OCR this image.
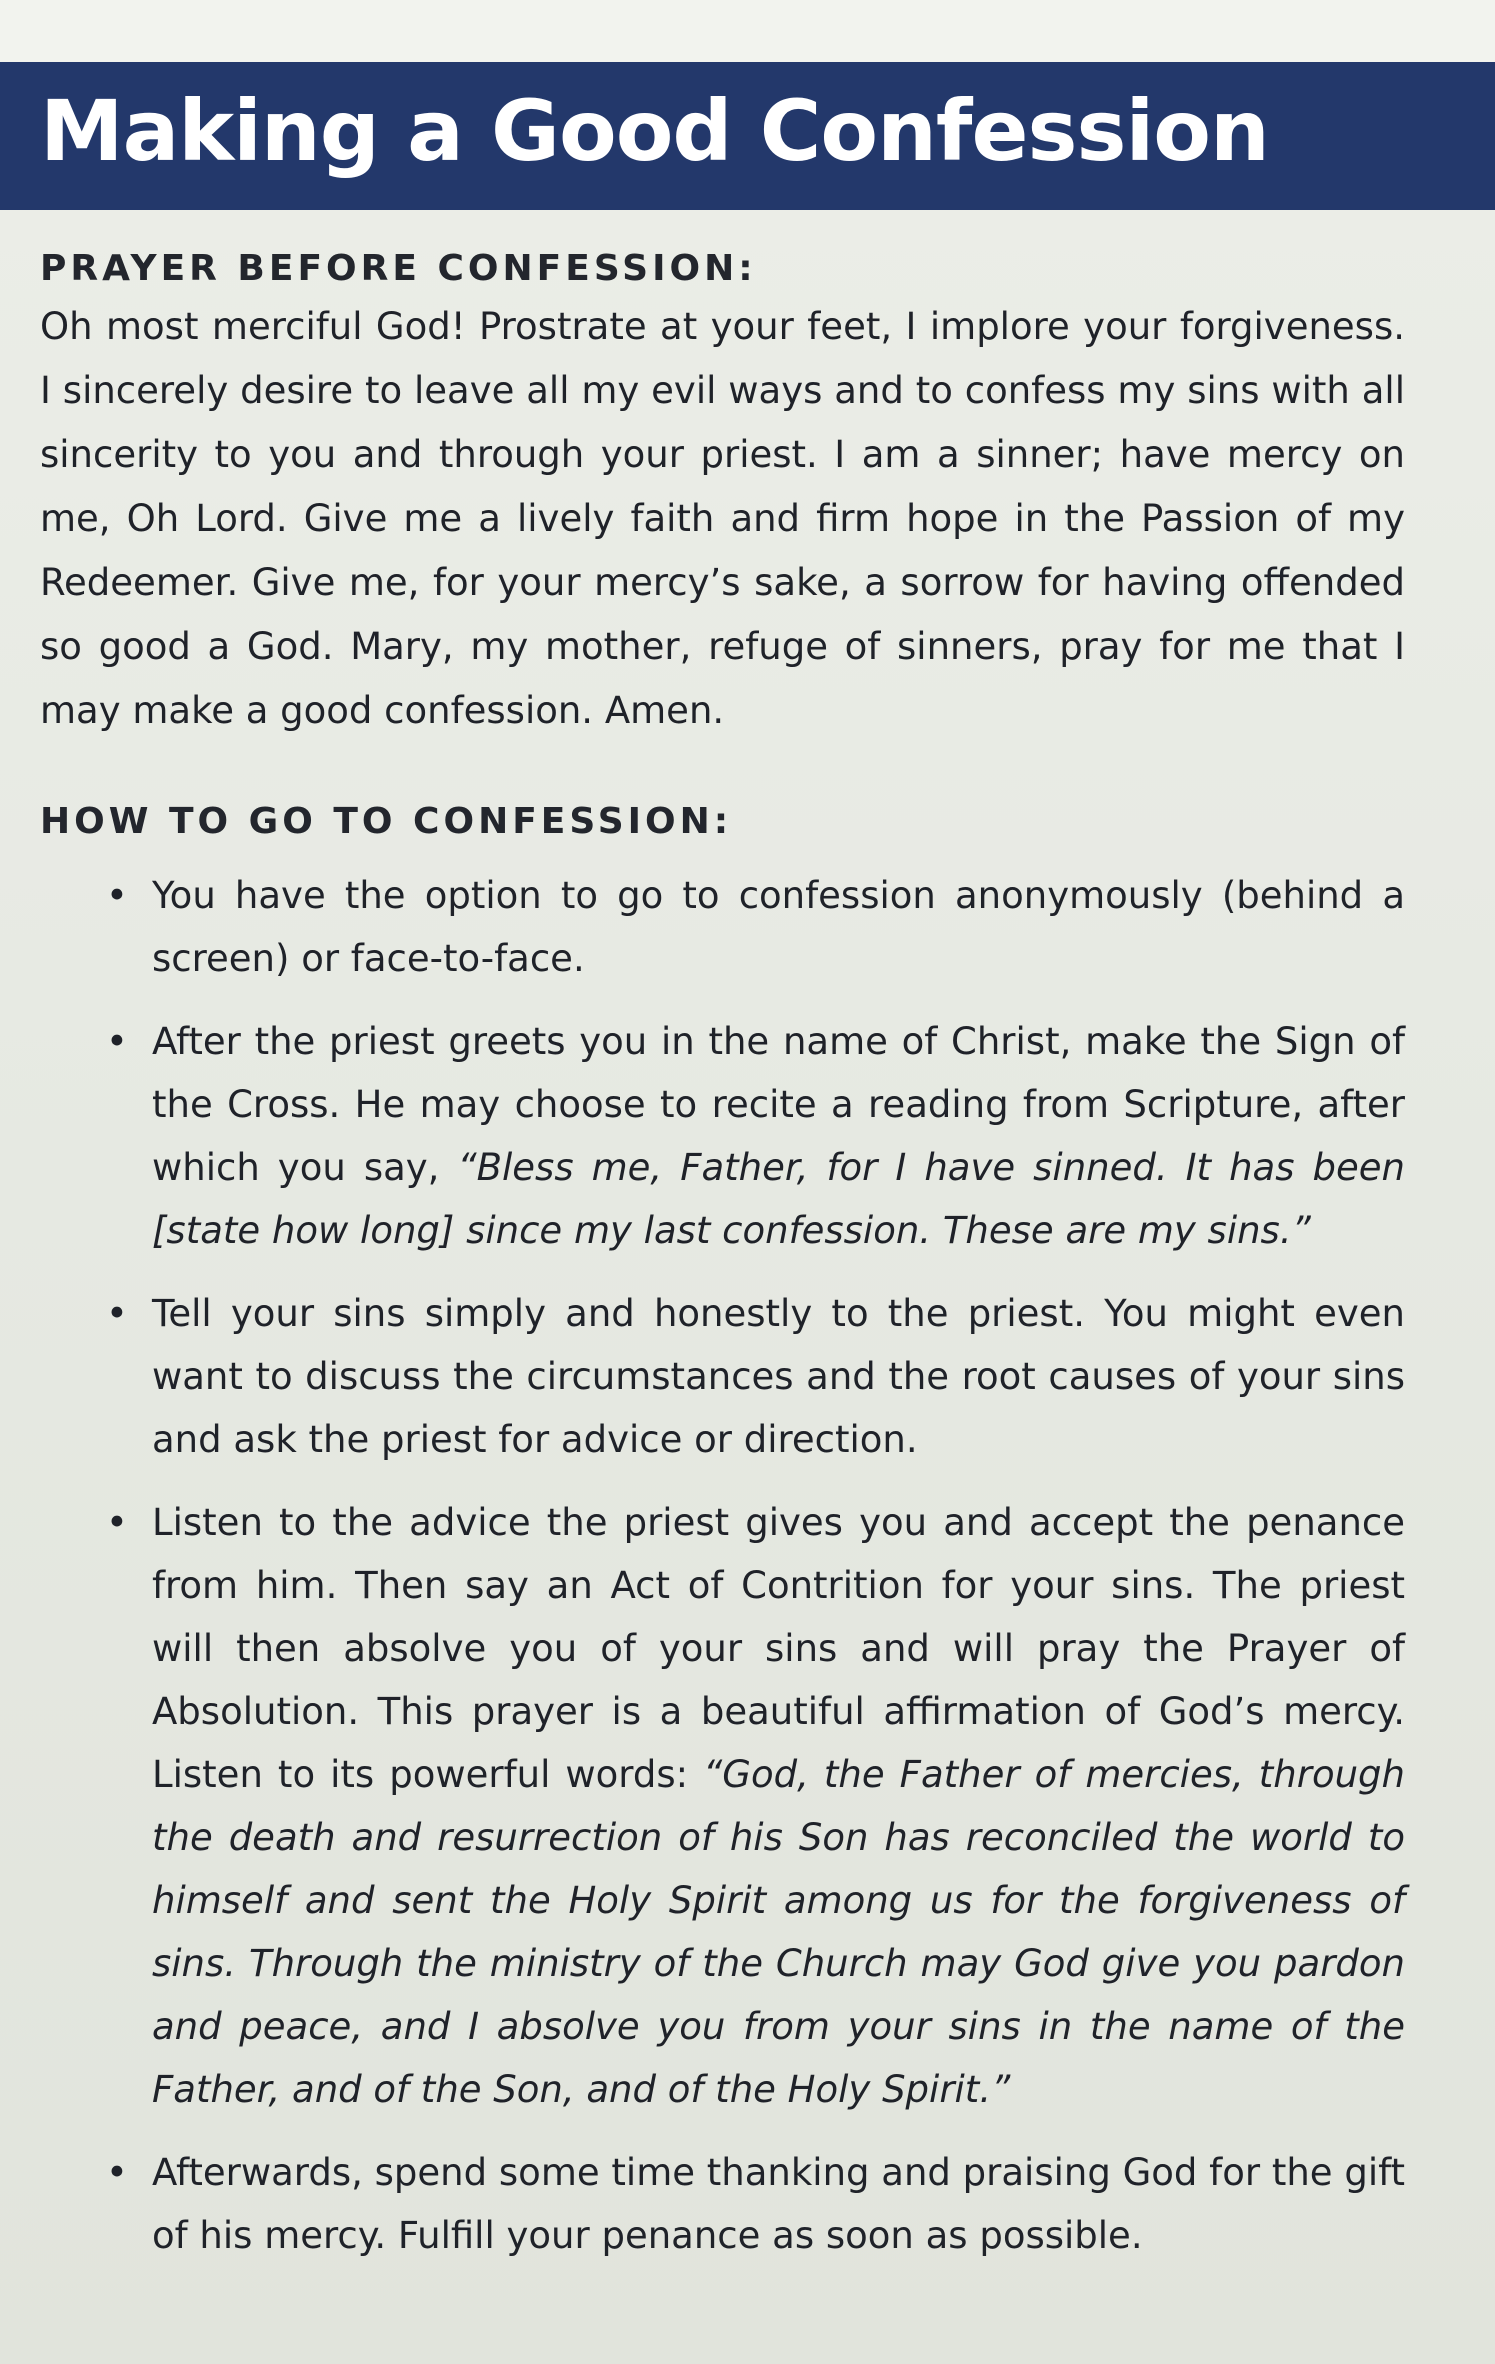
Making a Good Confession
PRAYER BEFORE CONFESSION:

Oh most merciful God! Prostrate at your feet, I implore your forgiveness. I sincerely desire to leave all my evil ways and to confess my sins with all sincerity to you and through your priest. I am a sinner; have mercy on me, Oh Lord. Give me a lively faith and firm hope in the Passion of my Redeemer. Give me, for your mercy’s sake, a sorrow for having offended so good a God. Mary, my mother, refuge of sinners, pray for me that I may make a good confession. Amen.

HOW TO GO TO CONFESSION:
• You have the option to go to confession anonymously (behind a screen) or face-to-face.

• After the priest greets you in the name of Christ, make the Sign of the Cross. He may choose to recite a reading from Scripture, after which you say, “Bless me, Father, for I have sinned. It has been [state how long] since my last confession. These are my sins.”

• Tell your sins simply and honestly to the priest. You might even want to discuss the circumstances and the root causes of your sins and ask the priest for advice or direction.

• Listen to the advice the priest gives you and accept the penance from him. Then say an Act of Contrition for your sins. The priest will then absolve you of your sins and will pray the Prayer of Absolution. This prayer is a beautiful affirmation of God’s mercy. Listen to its powerful words: “God, the Father of mercies, through the death and resurrection of his Son has reconciled the world to himself and sent the Holy Spirit among us for the forgiveness of sins. Through the ministry of the Church may God give you pardon and peace, and I absolve you from your sins in the name of the Father, and of the Son, and of the Holy Spirit.”

• Afterwards, spend some time thanking and praising God for the gift of his mercy. Fulfill your penance as soon as possible.
